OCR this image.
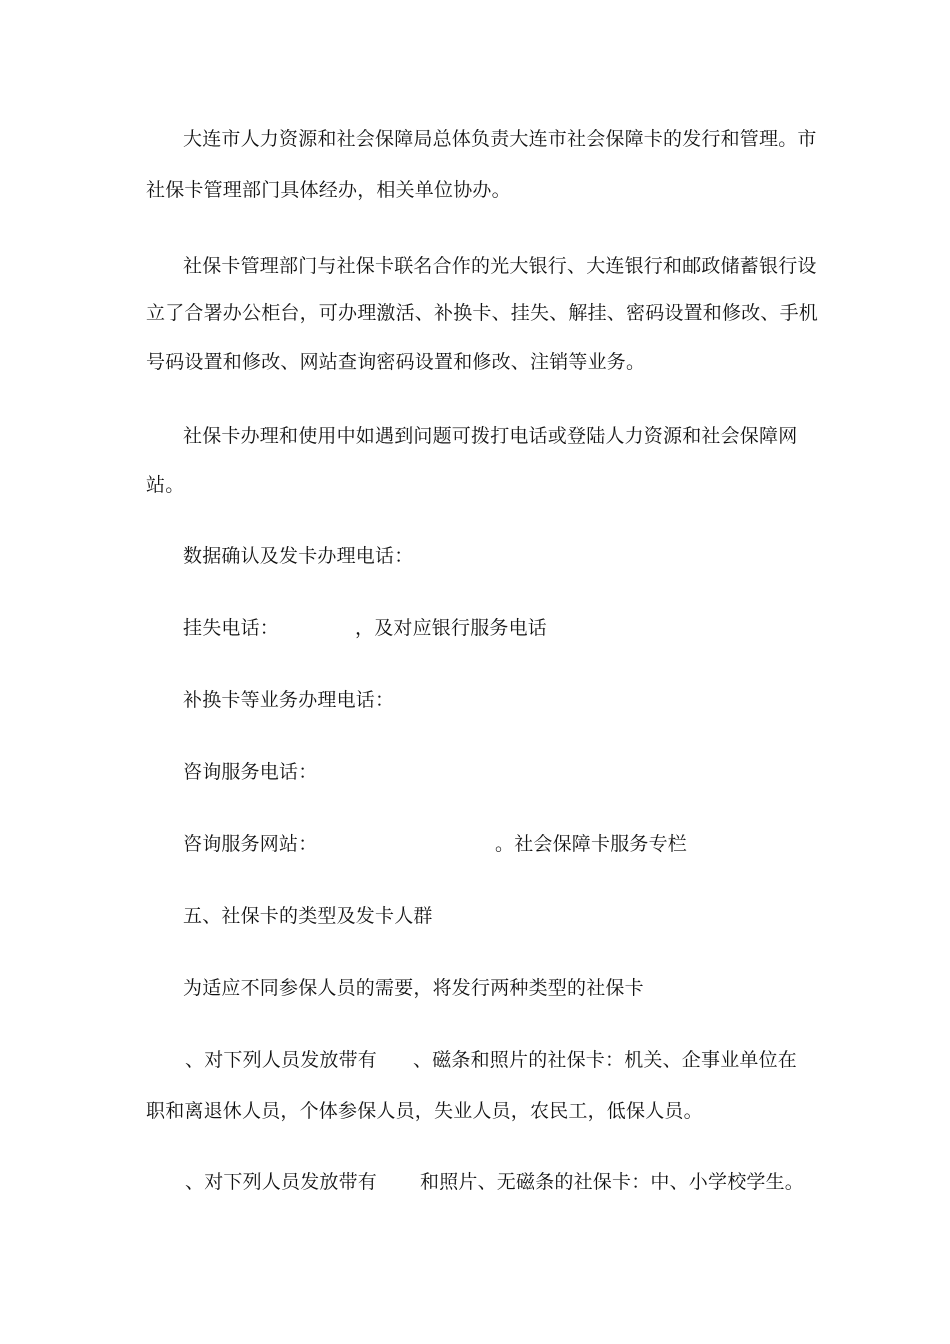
大连市人力资源和社会保障局总体负责大连市社会保障卡的发行和管理。市
社保卡管理部门具体经办，相关单位协办。
社保卡管理部门与社保卡联名合作的光大银行、大连银行和邮政储蓄银行设
立了合署办公柜台，可办理激活、补换卡、挂失、解挂、密码设置和修改、手机
号码设置和修改、网站查询密码设置和修改、注销等业务。
社保卡办理和使用中如遇到问题可拨打电话或登陆人力资源和社会保障网
站。
数据确认及发卡办理电话：
挂失电话：	，及对应银行服务电话
补换卡等业务办理电话：
咨询服务电话：
咨询服务网站：	。社会保障卡服务专栏
五、社保卡的类型及发卡人群
为适应不同参保人员的需要，将发行两种类型的社保卡
、对下列人员发放带有 、磁条和照片的社保卡：机关、企事业单位在
职和离退休人员，个体参保人员，失业人员，农民工，低保人员。
、对下列人员发放带有 和照片、无磁条的社保卡：中、小学校学生。
